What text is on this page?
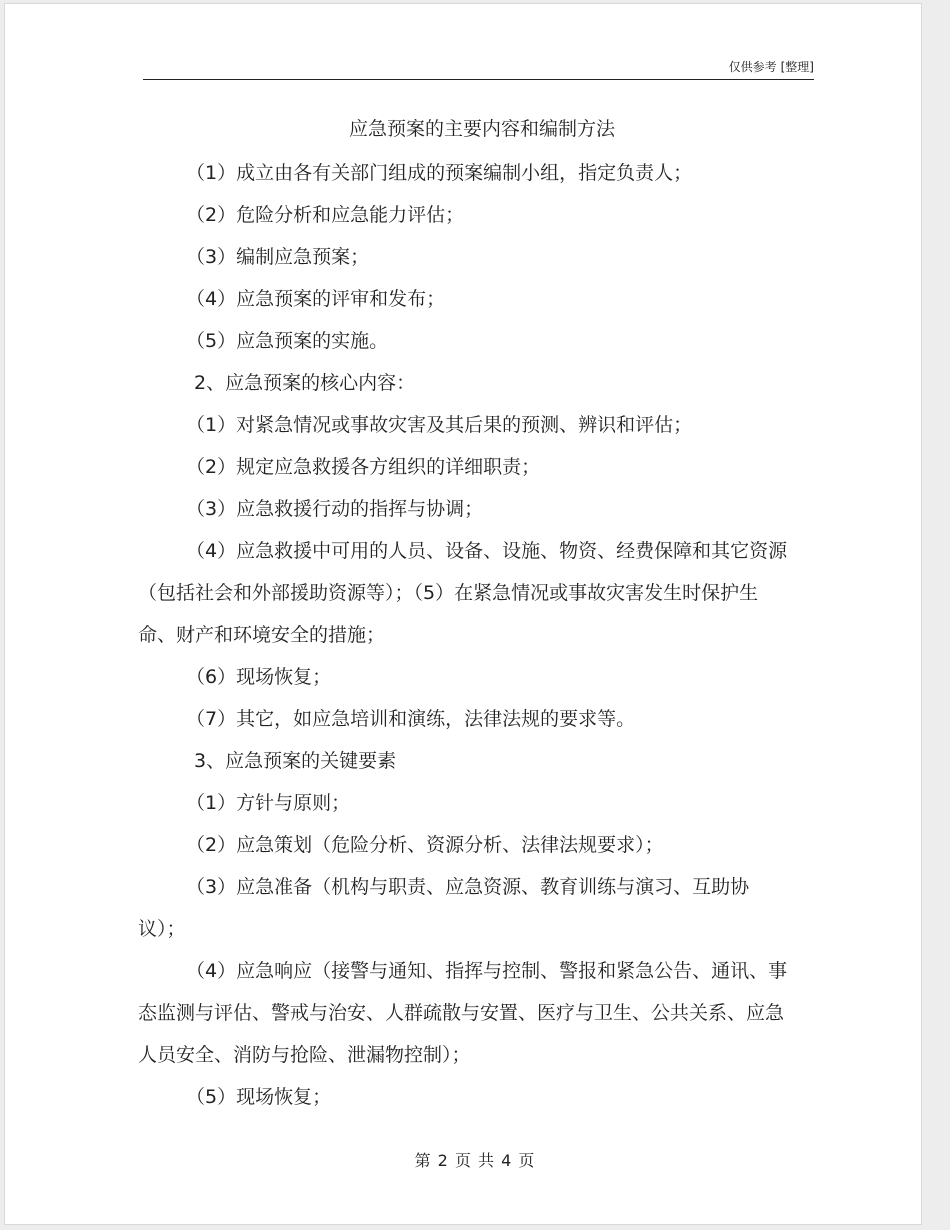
仅供参考 [整理]
应急预案的主要内容和编制方法

（1）成立由各有关部门组成的预案编制小组，指定负责人；

（2）危险分析和应急能力评估；

（3）编制应急预案；

（4）应急预案的评审和发布；

（5）应急预案的实施。

2、应急预案的核心内容：

（1）对紧急情况或事故灾害及其后果的预测、辨识和评估；

（2）规定应急救援各方组织的详细职责；

（3）应急救援行动的指挥与协调；

（4）应急救援中可用的人员、设备、设施、物资、经费保障和其它资源（包括社会和外部援助资源等）；（5）在紧急情况或事故灾害发生时保护生命、财产和环境安全的措施；

（6）现场恢复；

（7）其它，如应急培训和演练，法律法规的要求等。

3、应急预案的关键要素

（1）方针与原则；

（2）应急策划（危险分析、资源分析、法律法规要求）；

（3）应急准备（机构与职责、应急资源、教育训练与演习、互助协议）；

（4）应急响应（接警与通知、指挥与控制、警报和紧急公告、通讯、事态监测与评估、警戒与治安、人群疏散与安置、医疗与卫生、公共关系、应急人员安全、消防与抢险、泄漏物控制）；

（5）现场恢复；

第 2 页 共 4 页
